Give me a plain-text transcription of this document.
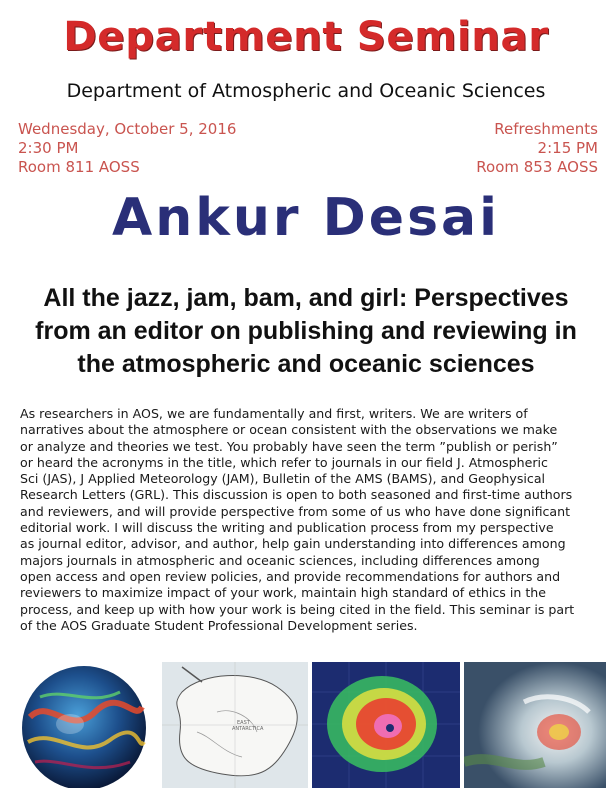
Department Seminar
Department of Atmospheric and Oceanic Sciences
Wednesday, October 5, 2016
2:30 PM
Room 811 AOSS
Refreshments
2:15 PM
Room 853 AOSS
Ankur Desai
All the jazz, jam, bam, and girl: Perspectives from an editor on publishing and reviewing in the atmospheric and oceanic sciences
As researchers in AOS, we are fundamentally and first, writers. We are writers of
narratives about the atmosphere or ocean consistent with the observations we make
or analyze and theories we test. You probably have seen the term ”publish or perish”
or heard the acronyms in the title, which refer to journals in our field J. Atmospheric
Sci (JAS), J Applied Meteorology (JAM), Bulletin of the AMS (BAMS), and Geophysical
Research Letters (GRL). This discussion is open to both seasoned and first-time authors
and reviewers, and will provide perspective from some of us who have done significant
editorial work. I will discuss the writing and publication process from my perspective
as journal editor, advisor, and author, help gain understanding into differences among
majors journals in atmospheric and oceanic sciences, including differences among
open access and open review policies, and provide recommendations for authors and
reviewers to maximize impact of your work, maintain high standard of ethics in the
process, and keep up with how your work is being cited in the field. This seminar is part
of the AOS Graduate Student Professional Development series.
EAST
ANTARCTICA
